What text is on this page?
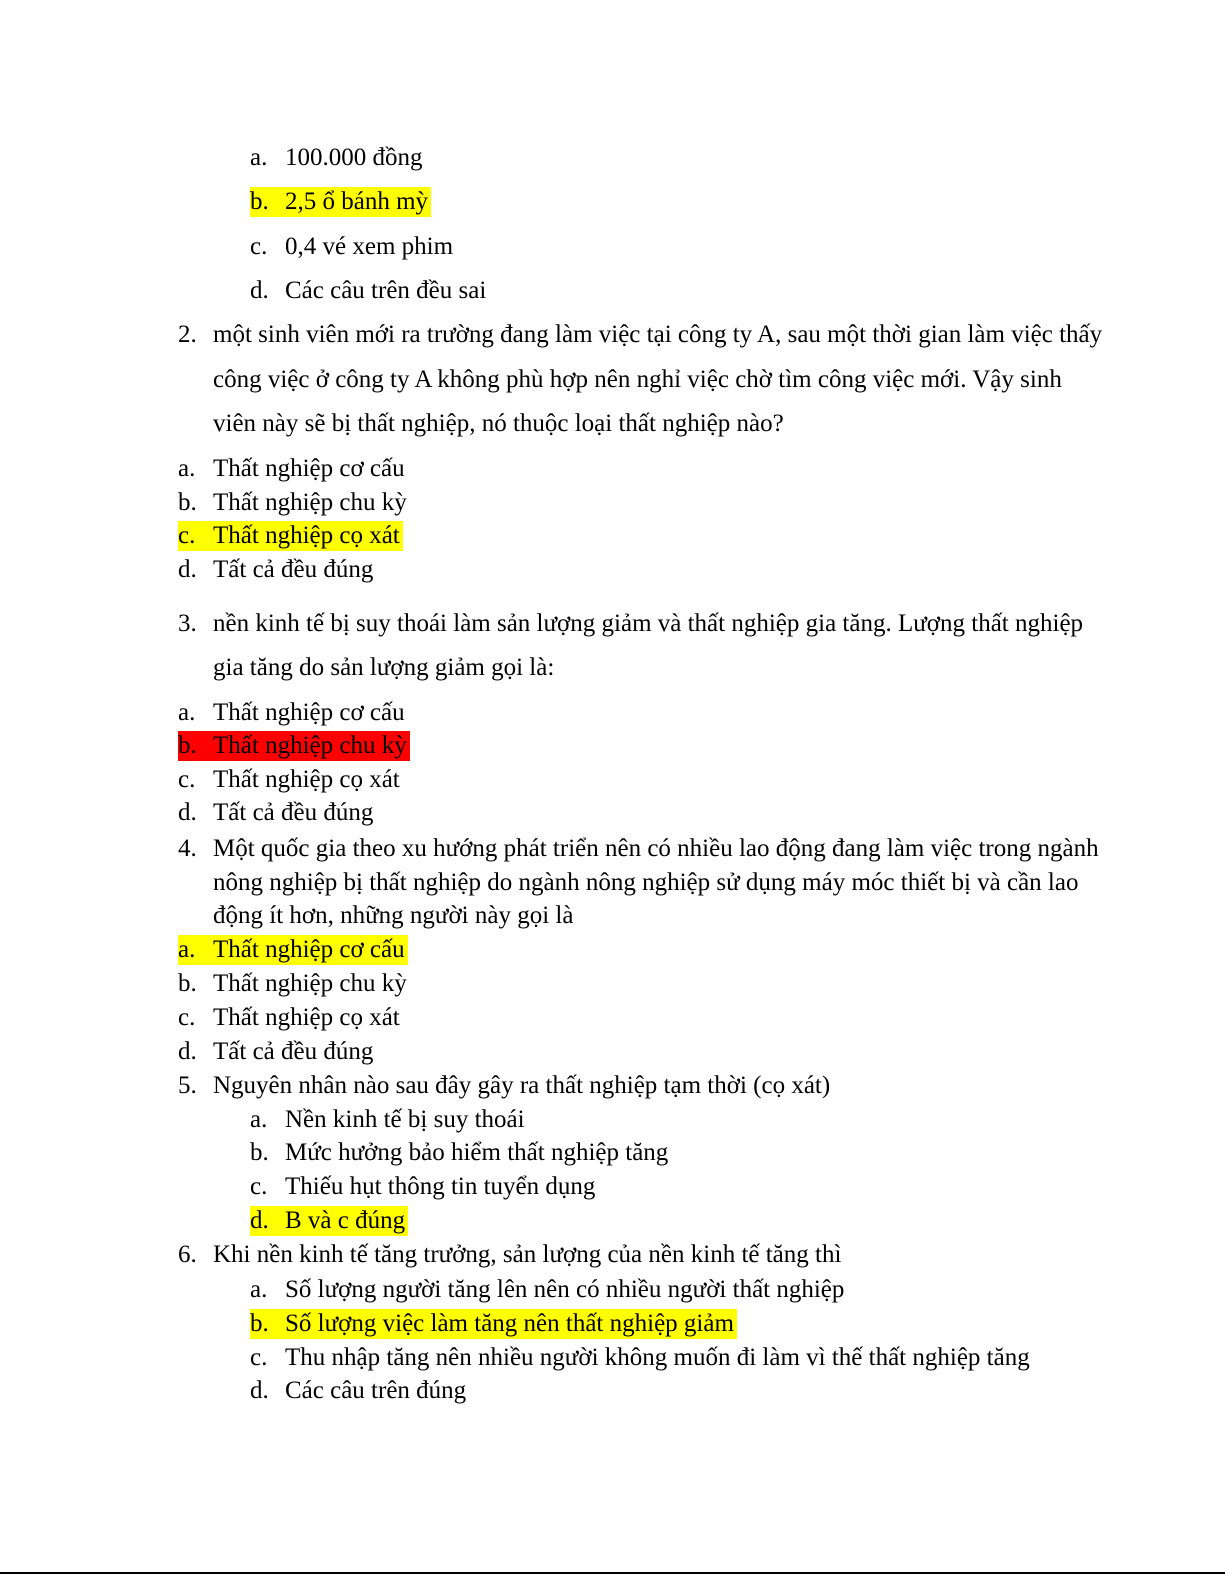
a. 100.000 đồng
b. 2,5 ổ bánh mỳ
c. 0,4 vé xem phim
d. Các câu trên đều sai
2. một sinh viên mới ra trường đang làm việc tại công ty A, sau một thời gian làm việc thấy
công việc ở công ty A không phù hợp nên nghỉ việc chờ tìm công việc mới. Vậy sinh
viên này sẽ bị thất nghiệp, nó thuộc loại thất nghiệp nào?
a. Thất nghiệp cơ cấu
b. Thất nghiệp chu kỳ
c. Thất nghiệp cọ xát
d. Tất cả đều đúng
3. nền kinh tế bị suy thoái làm sản lượng giảm và thất nghiệp gia tăng. Lượng thất nghiệp
gia tăng do sản lượng giảm gọi là:
a. Thất nghiệp cơ cấu
b. Thất nghiệp chu kỳ
c. Thất nghiệp cọ xát
d. Tất cả đều đúng
4. Một quốc gia theo xu hướng phát triển nên có nhiều lao động đang làm việc trong ngành
nông nghiệp bị thất nghiệp do ngành nông nghiệp sử dụng máy móc thiết bị và cần lao
động ít hơn, những người này gọi là
a. Thất nghiệp cơ cấu
b. Thất nghiệp chu kỳ
c. Thất nghiệp cọ xát
d. Tất cả đều đúng
5. Nguyên nhân nào sau đây gây ra thất nghiệp tạm thời (cọ xát)
a. Nền kinh tế bị suy thoái
b. Mức hưởng bảo hiểm thất nghiệp tăng
c. Thiếu hụt thông tin tuyển dụng
d. B và c đúng
6. Khi nền kinh tế tăng trưởng, sản lượng của nền kinh tế tăng thì
a. Số lượng người tăng lên nên có nhiều người thất nghiệp
b. Số lượng việc làm tăng nên thất nghiệp giảm
c. Thu nhập tăng nên nhiều người không muốn đi làm vì thế thất nghiệp tăng
d. Các câu trên đúng
